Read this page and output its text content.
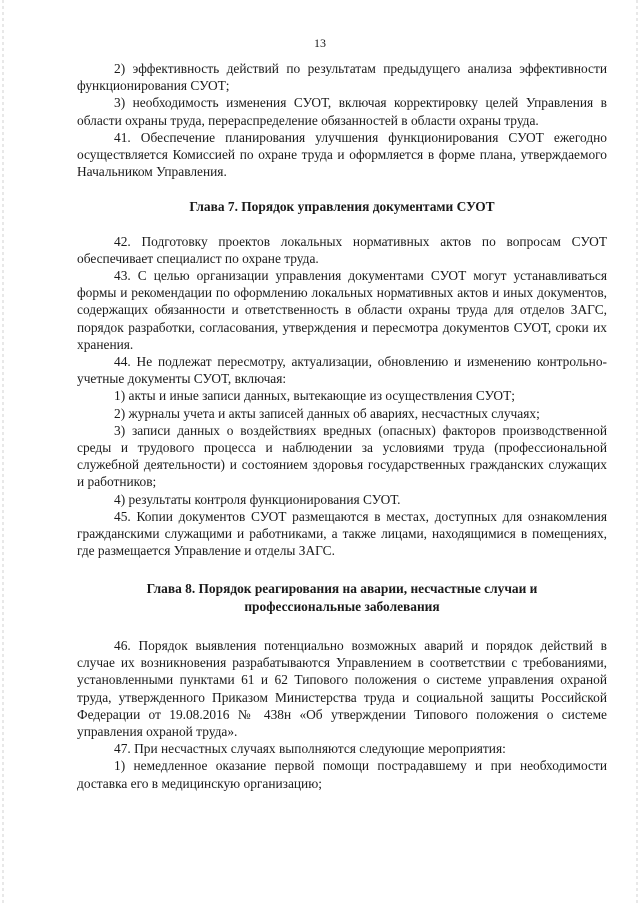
13

2) эффективность действий по результатам предыдущего анализа эффективности функционирования СУОТ;

3) необходимость изменения СУОТ, включая корректировку целей Управления в области охраны труда, перераспределение обязанностей в области охраны труда.

41. Обеспечение планирования улучшения функционирования СУОТ ежегодно осуществляется Комиссией по охране труда и оформляется в форме плана, утверждаемого Начальником Управления.

Глава 7. Порядок управления документами СУОТ

42. Подготовку проектов локальных нормативных актов по вопросам СУОТ обеспечивает специалист по охране труда.

43. С целью организации управления документами СУОТ могут устанавливаться формы и рекомендации по оформлению локальных нормативных актов и иных документов, содержащих обязанности и ответственность в области охраны труда для отделов ЗАГС, порядок разработки, согласования, утверждения и пересмотра документов СУОТ, сроки их хранения.

44. Не подлежат пересмотру, актуализации, обновлению и изменению контрольно-учетные документы СУОТ, включая:

1) акты и иные записи данных, вытекающие из осуществления СУОТ;

2) журналы учета и акты записей данных об авариях, несчастных случаях;

3) записи данных о воздействиях вредных (опасных) факторов производственной среды и трудового процесса и наблюдении за условиями труда (профессиональной служебной деятельности) и состоянием здоровья государственных гражданских служащих и работников;

4) результаты контроля функционирования СУОТ.

45. Копии документов СУОТ размещаются в местах, доступных для ознакомления гражданскими служащими и работниками, а также лицами, находящимися в помещениях, где размещается Управление и отделы ЗАГС.

Глава 8. Порядок реагирования на аварии, несчастные случаи и
профессиональные заболевания

46. Порядок выявления потенциально возможных аварий и порядок действий в случае их возникновения разрабатываются Управлением в соответствии с требованиями, установленными пунктами 61 и 62 Типового положения о системе управления охраной труда, утвержденного Приказом Министерства труда и социальной защиты Российской Федерации от 19.08.2016 № 438н «Об утверждении Типового положения о системе управления охраной труда».

47. При несчастных случаях выполняются следующие мероприятия:

1) немедленное оказание первой помощи пострадавшему и при необходимости доставка его в медицинскую организацию;
